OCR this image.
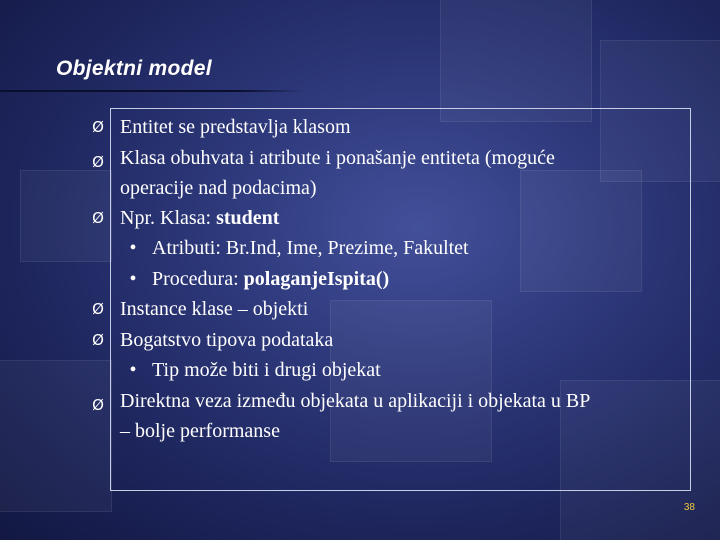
Objektni model
Ø Entitet se predstavlja klasom
Ø Klasa obuhvata i atribute i ponašanje entiteta (moguće
operacije nad podacima)
Ø Npr. Klasa: student
• Atributi: Br.Ind, Ime, Prezime, Fakultet
• Procedura: polaganjeIspita()
Ø Instance klase – objekti
Ø Bogatstvo tipova podataka
• Tip može biti i drugi objekat
Ø Direktna veza između objekata u aplikaciji i objekata u BP
– bolje performanse
38
